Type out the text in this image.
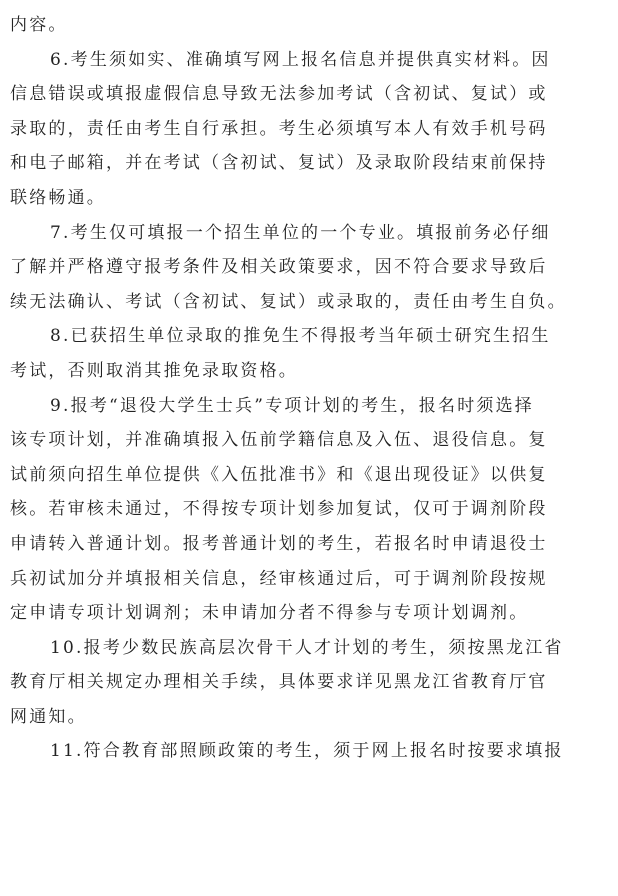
内容。

6.考生须如实、准确填写网上报名信息并提供真实材料。因
信息错误或填报虚假信息导致无法参加考试（含初试、复试）或
录取的，责任由考生自行承担。考生必须填写本人有效手机号码
和电子邮箱，并在考试（含初试、复试）及录取阶段结束前保持
联络畅通。

7.考生仅可填报一个招生单位的一个专业。填报前务必仔细
了解并严格遵守报考条件及相关政策要求，因不符合要求导致后
续无法确认、考试（含初试、复试）或录取的，责任由考生自负。

8.已获招生单位录取的推免生不得报考当年硕士研究生招生
考试，否则取消其推免录取资格。

9.报考“退役大学生士兵”专项计划的考生，报名时须选择
该专项计划，并准确填报入伍前学籍信息及入伍、退役信息。复
试前须向招生单位提供《入伍批准书》和《退出现役证》以供复
核。若审核未通过，不得按专项计划参加复试，仅可于调剂阶段
申请转入普通计划。报考普通计划的考生，若报名时申请退役士
兵初试加分并填报相关信息，经审核通过后，可于调剂阶段按规
定申请专项计划调剂；未申请加分者不得参与专项计划调剂。

10.报考少数民族高层次骨干人才计划的考生，须按黑龙江省
教育厅相关规定办理相关手续，具体要求详见黑龙江省教育厅官
网通知。

11.符合教育部照顾政策的考生，须于网上报名时按要求填报
